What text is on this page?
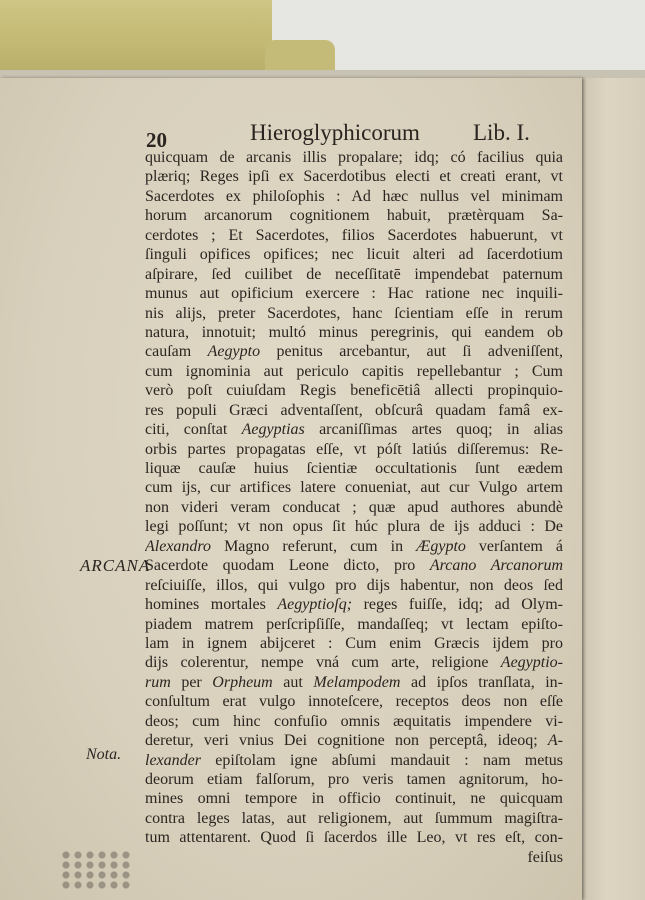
20	Hieroglyphicorum Lib. I.
ARCANA
Nota.
quicquam de arcanis illis propalare; idq; có facilius quia
plæriq; Reges ipſi ex Sacerdotibus electi et creati erant, vt
Sacerdotes ex philoſophis : Ad hæc nullus vel minimam
horum arcanorum cognitionem habuit, prætèrquam Sa-
cerdotes ; Et Sacerdotes, filios Sacerdotes habuerunt, vt
ſinguli opifices opifices; nec licuit alteri ad ſacerdotium
aſpirare, ſed cuilibet de neceſſitatē impendebat paternum
munus aut opificium exercere : Hac ratione nec inquili-
nis alijs, preter Sacerdotes, hanc ſcientiam eſſe in rerum
natura, innotuit; multó minus peregrinis, qui eandem ob
cauſam Aegypto penitus arcebantur, aut ſi adveniſſent,
cum ignominia aut periculo capitis repellebantur ; Cum
verò poſt cuiuſdam Regis beneficētiâ allecti propinquio-
res populi Græci adventaſſent, obſcurâ quadam famâ ex-
citi, conſtat Aegyptias arcaniſſimas artes quoq; in alias
orbis partes propagatas eſſe, vt póſt latiús diſſeremus: Re-
liquæ cauſæ huius ſcientiæ occultationis ſunt eædem
cum ijs, cur artifices latere conueniat, aut cur Vulgo artem
non videri veram conducat ; quæ apud authores abundè
legi poſſunt; vt non opus ſit húc plura de ijs adduci : De
Alexandro Magno referunt, cum in Ægypto verſantem á
Sacerdote quodam Leone dicto, pro Arcano Arcanorum
reſciuiſſe, illos, qui vulgo pro dijs habentur, non deos ſed
homines mortales Aegyptioſq; reges fuiſſe, idq; ad Olym-
piadem matrem perſcripſiſſe, mandaſſeq; vt lectam epiſto-
lam in ignem abijceret : Cum enim Græcis ijdem pro
dijs colerentur, nempe vná cum arte, religione Aegyptio-
rum per Orpheum aut Melampodem ad ipſos tranſlata, in-
conſultum erat vulgo innoteſcere, receptos deos non eſſe
deos; cum hinc confuſio omnis æquitatis impendere vi-
deretur, veri vnius Dei cognitione non perceptâ, ideoq; A-
lexander epiſtolam igne abſumi mandauit : nam metus
deorum etiam falſorum, pro veris tamen agnitorum, ho-
mines omni tempore in officio continuit, ne quicquam
contra leges latas, aut religionem, aut ſummum magiſtra-
tum attentarent. Quod ſi ſacerdos ille Leo, vt res eſt, con-
feiſus
